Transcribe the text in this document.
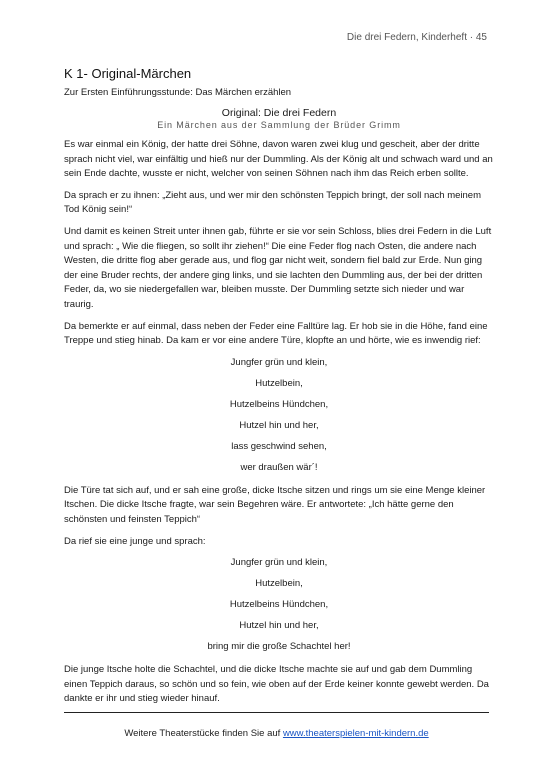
Die drei Federn, Kinderheft · 45
K 1- Original-Märchen
Zur Ersten Einführungsstunde: Das Märchen erzählen
Original: Die drei Federn
Ein Märchen aus der Sammlung der Brüder Grimm

Es war einmal ein König, der hatte drei Söhne, davon waren zwei klug und gescheit, aber der dritte sprach nicht viel, war einfältig und hieß nur der Dummling. Als der König alt und schwach ward und an sein Ende dachte, wusste er nicht, welcher von seinen Söhnen nach ihm das Reich erben sollte.

Da sprach er zu ihnen: „Zieht aus, und wer mir den schönsten Teppich bringt, der soll nach meinem Tod König sein!“

Und damit es keinen Streit unter ihnen gab, führte er sie vor sein Schloss, blies drei Federn in die Luft und sprach: „ Wie die fliegen, so sollt ihr ziehen!“ Die eine Feder flog nach Osten, die andere nach Westen, die dritte flog aber gerade aus, und flog gar nicht weit, sondern fiel bald zur Erde. Nun ging der eine Bruder rechts, der andere ging links, und sie lachten den Dummling aus, der bei der dritten Feder, da, wo sie niedergefallen war, bleiben musste. Der Dummling setzte sich nieder und war traurig.

Da bemerkte er auf einmal, dass neben der Feder eine Falltüre lag. Er hob sie in die Höhe, fand eine Treppe und stieg hinab. Da kam er vor eine andere Türe, klopfte an und hörte, wie es inwendig rief:

Jungfer grün und klein,
Hutzelbein,
Hutzelbeins Hündchen,
Hutzel hin und her,
lass geschwind sehen,
wer draußen wär´!

Die Türe tat sich auf, und er sah eine große, dicke Itsche sitzen und rings um sie eine Menge kleiner Itschen. Die dicke Itsche fragte, war sein Begehren wäre. Er antwortete: „Ich hätte gerne den schönsten und feinsten Teppich“

Da rief sie eine junge und sprach:

Jungfer grün und klein,
Hutzelbein,
Hutzelbeins Hündchen,
Hutzel hin und her,
bring mir die große Schachtel her!

Die junge Itsche holte die Schachtel, und die dicke Itsche machte sie auf und gab dem Dummling einen Teppich daraus, so schön und so fein, wie oben auf der Erde keiner konnte gewebt werden. Da dankte er ihr und stieg wieder hinauf.

Weitere Theaterstücke finden Sie auf www.theaterspielen-mit-kindern.de
